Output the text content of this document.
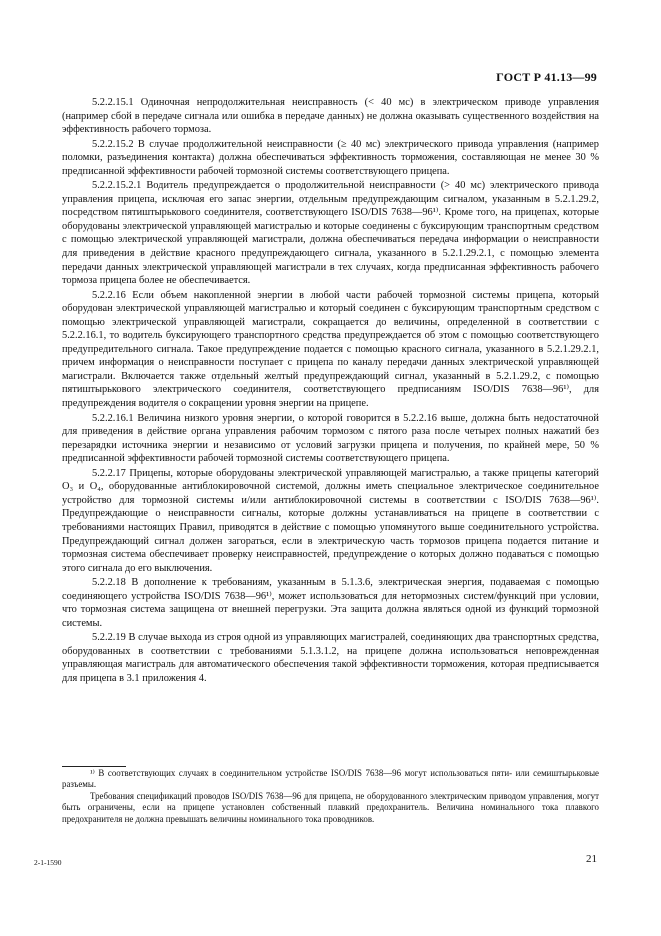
ГОСТ Р 41.13—99

5.2.2.15.1 Одиночная непродолжительная неисправность (< 40 мс) в электрическом приводе управления (например сбой в передаче сигнала или ошибка в передаче данных) не должна оказывать существенного воздействия на эффективность рабочего тормоза.

5.2.2.15.2 В случае продолжительной неисправности (≥ 40 мс) электрического привода управления (например поломки, разъединения контакта) должна обеспечиваться эффективность торможения, составляющая не менее 30 % предписанной эффективности рабочей тормозной системы соответствующего прицепа.

5.2.2.15.2.1 Водитель предупреждается о продолжительной неисправности (> 40 мс) электрического привода управления прицепа, исключая его запас энергии, отдельным предупреждающим сигналом, указанным в 5.2.1.29.2, посредством пятиштырькового соединителя, соответствующего ISO/DIS 7638—96¹⁾. Кроме того, на прицепах, которые оборудованы электрической управляющей магистралью и которые соединены с буксирующим транспортным средством с помощью электрической управляющей магистрали, должна обеспечиваться передача информации о неисправности для приведения в действие красного предупреждающего сигнала, указанного в 5.2.1.29.2.1, с помощью элемента передачи данных электрической управляющей магистрали в тех случаях, когда предписанная эффективность рабочего тормоза прицепа более не обеспечивается.

5.2.2.16 Если объем накопленной энергии в любой части рабочей тормозной системы прицепа, который оборудован электрической управляющей магистралью и который соединен с буксирующим транспортным средством с помощью электрической управляющей магистрали, сокращается до величины, определенной в соответствии с 5.2.2.16.1, то водитель буксирующего транспортного средства предупреждается об этом с помощью соответствующего предупредительного сигнала. Такое предупреждение подается с помощью красного сигнала, указанного в 5.2.1.29.2.1, причем информация о неисправности поступает с прицепа по каналу передачи данных электрической управляющей магистрали. Включается также отдельный желтый предупреждающий сигнал, указанный в 5.2.1.29.2, с помощью пятиштырькового электрического соединителя, соответствующего предписаниям ISO/DIS 7638—96¹⁾, для предупреждения водителя о сокращении уровня энергии на прицепе.

5.2.2.16.1 Величина низкого уровня энергии, о которой говорится в 5.2.2.16 выше, должна быть недостаточной для приведения в действие органа управления рабочим тормозом с пятого раза после четырех полных нажатий без перезарядки источника энергии и независимо от условий загрузки прицепа и получения, по крайней мере, 50 % предписанной эффективности рабочей тормозной системы соответствующего прицепа.

5.2.2.17 Прицепы, которые оборудованы электрической управляющей магистралью, а также прицепы категорий O₃ и O₄, оборудованные антиблокировочной системой, должны иметь специальное электрическое соединительное устройство для тормозной системы и/или антиблокировочной системы в соответствии с ISO/DIS 7638—96¹⁾. Предупреждающие о неисправности сигналы, которые должны устанавливаться на прицепе в соответствии с требованиями настоящих Правил, приводятся в действие с помощью упомянутого выше соединительного устройства. Предупреждающий сигнал должен загораться, если в электрическую часть тормозов прицепа подается питание и тормозная система обеспечивает проверку неисправностей, предупреждение о которых должно подаваться с помощью этого сигнала до его выключения.

5.2.2.18 В дополнение к требованиям, указанным в 5.1.3.6, электрическая энергия, подаваемая с помощью соединяющего устройства ISO/DIS 7638—96¹⁾, может использоваться для нетормозных систем/функций при условии, что тормозная система защищена от внешней перегрузки. Эта защита должна являться одной из функций тормозной системы.

5.2.2.19 В случае выхода из строя одной из управляющих магистралей, соединяющих два транспортных средства, оборудованных в соответствии с требованиями 5.1.3.1.2, на прицепе должна использоваться неповрежденная управляющая магистраль для автоматического обеспечения такой эффективности торможения, которая предписывается для прицепа в 3.1 приложения 4.

¹⁾ В соответствующих случаях в соединительном устройстве ISO/DIS 7638—96 могут использоваться пяти- или семиштырьковые разъемы.

Требования спецификаций проводов ISO/DIS 7638—96 для прицепа, не оборудованного электрическим приводом управления, могут быть ограничены, если на прицепе установлен собственный плавкий предохранитель. Величина номинального тока плавкого предохранителя не должна превышать величины номинального тока проводников.

2-1-1590	21
